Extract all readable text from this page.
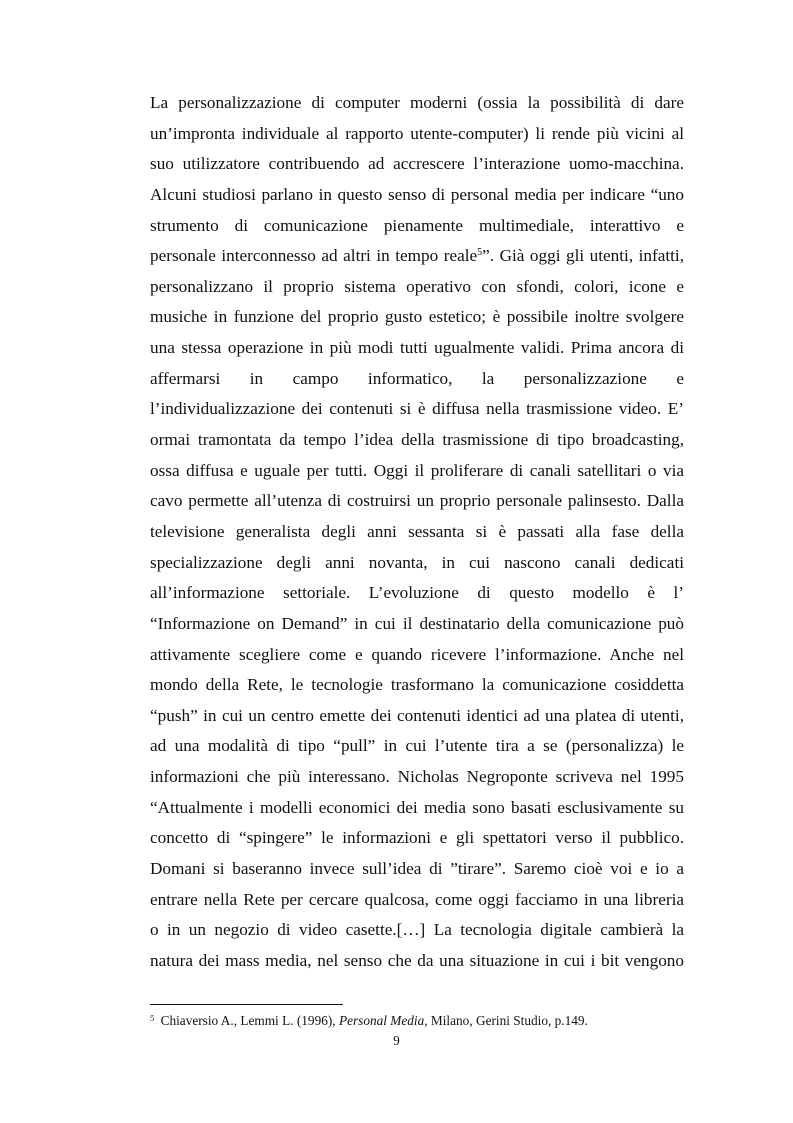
La personalizzazione di computer moderni (ossia la possibilità di dare
un’impronta individuale al rapporto utente-computer) li rende più vicini al
suo utilizzatore contribuendo ad accrescere l’interazione uomo-macchina.
Alcuni studiosi parlano in questo senso di personal media per indicare “uno
strumento di comunicazione pienamente multimediale, interattivo e
personale interconnesso ad altri in tempo reale$^5$”. Già oggi gli utenti, infatti,
personalizzano il proprio sistema operativo con sfondi, colori, icone e
musiche in funzione del proprio gusto estetico; è possibile inoltre svolgere
una stessa operazione in più modi tutti ugualmente validi. Prima ancora di
affermarsi in campo informatico, la personalizzazione e
l’individualizzazione dei contenuti si è diffusa nella trasmissione video. E’
ormai tramontata da tempo l’idea della trasmissione di tipo broadcasting,
ossa diffusa e uguale per tutti. Oggi il proliferare di canali satellitari o via
cavo permette all’utenza di costruirsi un proprio personale palinsesto. Dalla
televisione generalista degli anni sessanta si è passati alla fase della
specializzazione degli anni novanta, in cui nascono canali dedicati
all’informazione settoriale. L’evoluzione di questo modello è l’
“Informazione on Demand” in cui il destinatario della comunicazione può
attivamente scegliere come e quando ricevere l’informazione. Anche nel
mondo della Rete, le tecnologie trasformano la comunicazione cosiddetta
“push” in cui un centro emette dei contenuti identici ad una platea di utenti,
ad una modalità di tipo “pull” in cui l’utente tira a se (personalizza) le
informazioni che più interessano. Nicholas Negroponte scriveva nel 1995
“Attualmente i modelli economici dei media sono basati esclusivamente su
concetto di “spingere” le informazioni e gli spettatori verso il pubblico.
Domani si baseranno invece sull’idea di ”tirare”. Saremo cioè voi e io a
entrare nella Rete per cercare qualcosa, come oggi facciamo in una libreria
o in un negozio di video casette.[…] La tecnologia digitale cambierà la
natura dei mass media, nel senso che da una situazione in cui i bit vengono
$^5$ Chiaversio A., Lemmi L. (1996), Personal Media, Milano, Gerini Studio, p.149.
9
